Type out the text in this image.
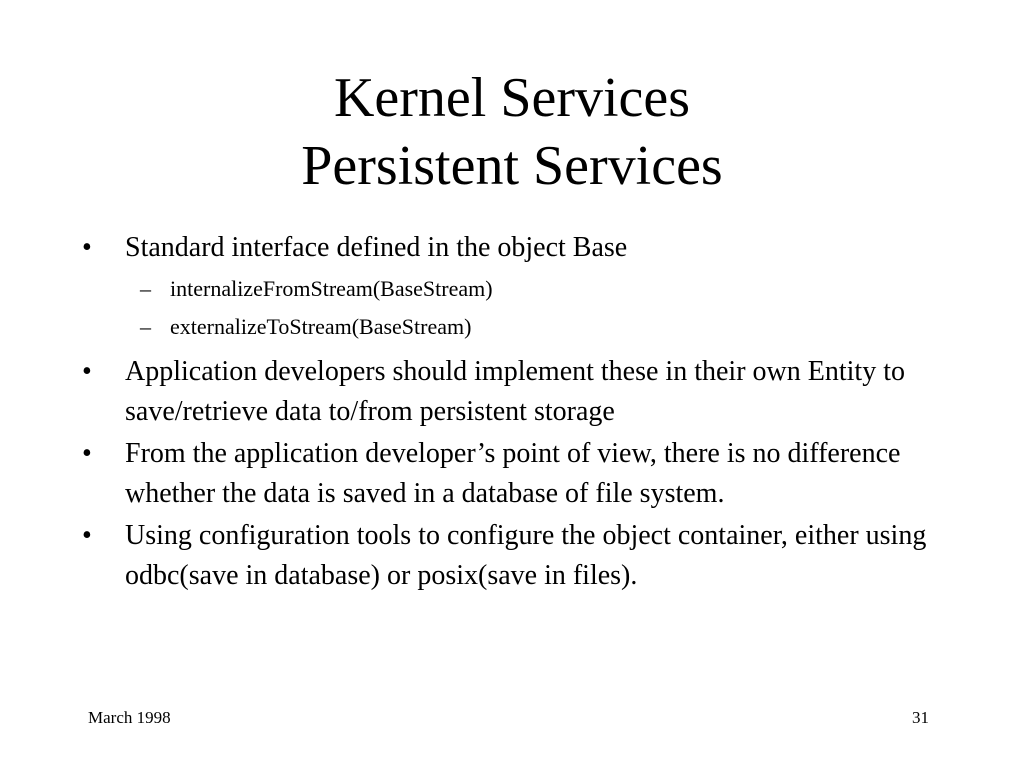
Kernel Services
Persistent Services
• Standard interface defined in the object Base
– internalizeFromStream(BaseStream)
– externalizeToStream(BaseStream)
• Application developers should implement these in their own Entity to save/retrieve data to/from persistent storage
• From the application developer’s point of view, there is no difference whether the data is saved in a database of file system.
• Using configuration tools to configure the object container, either using odbc(save in database) or posix(save in files).
March 1998	31
